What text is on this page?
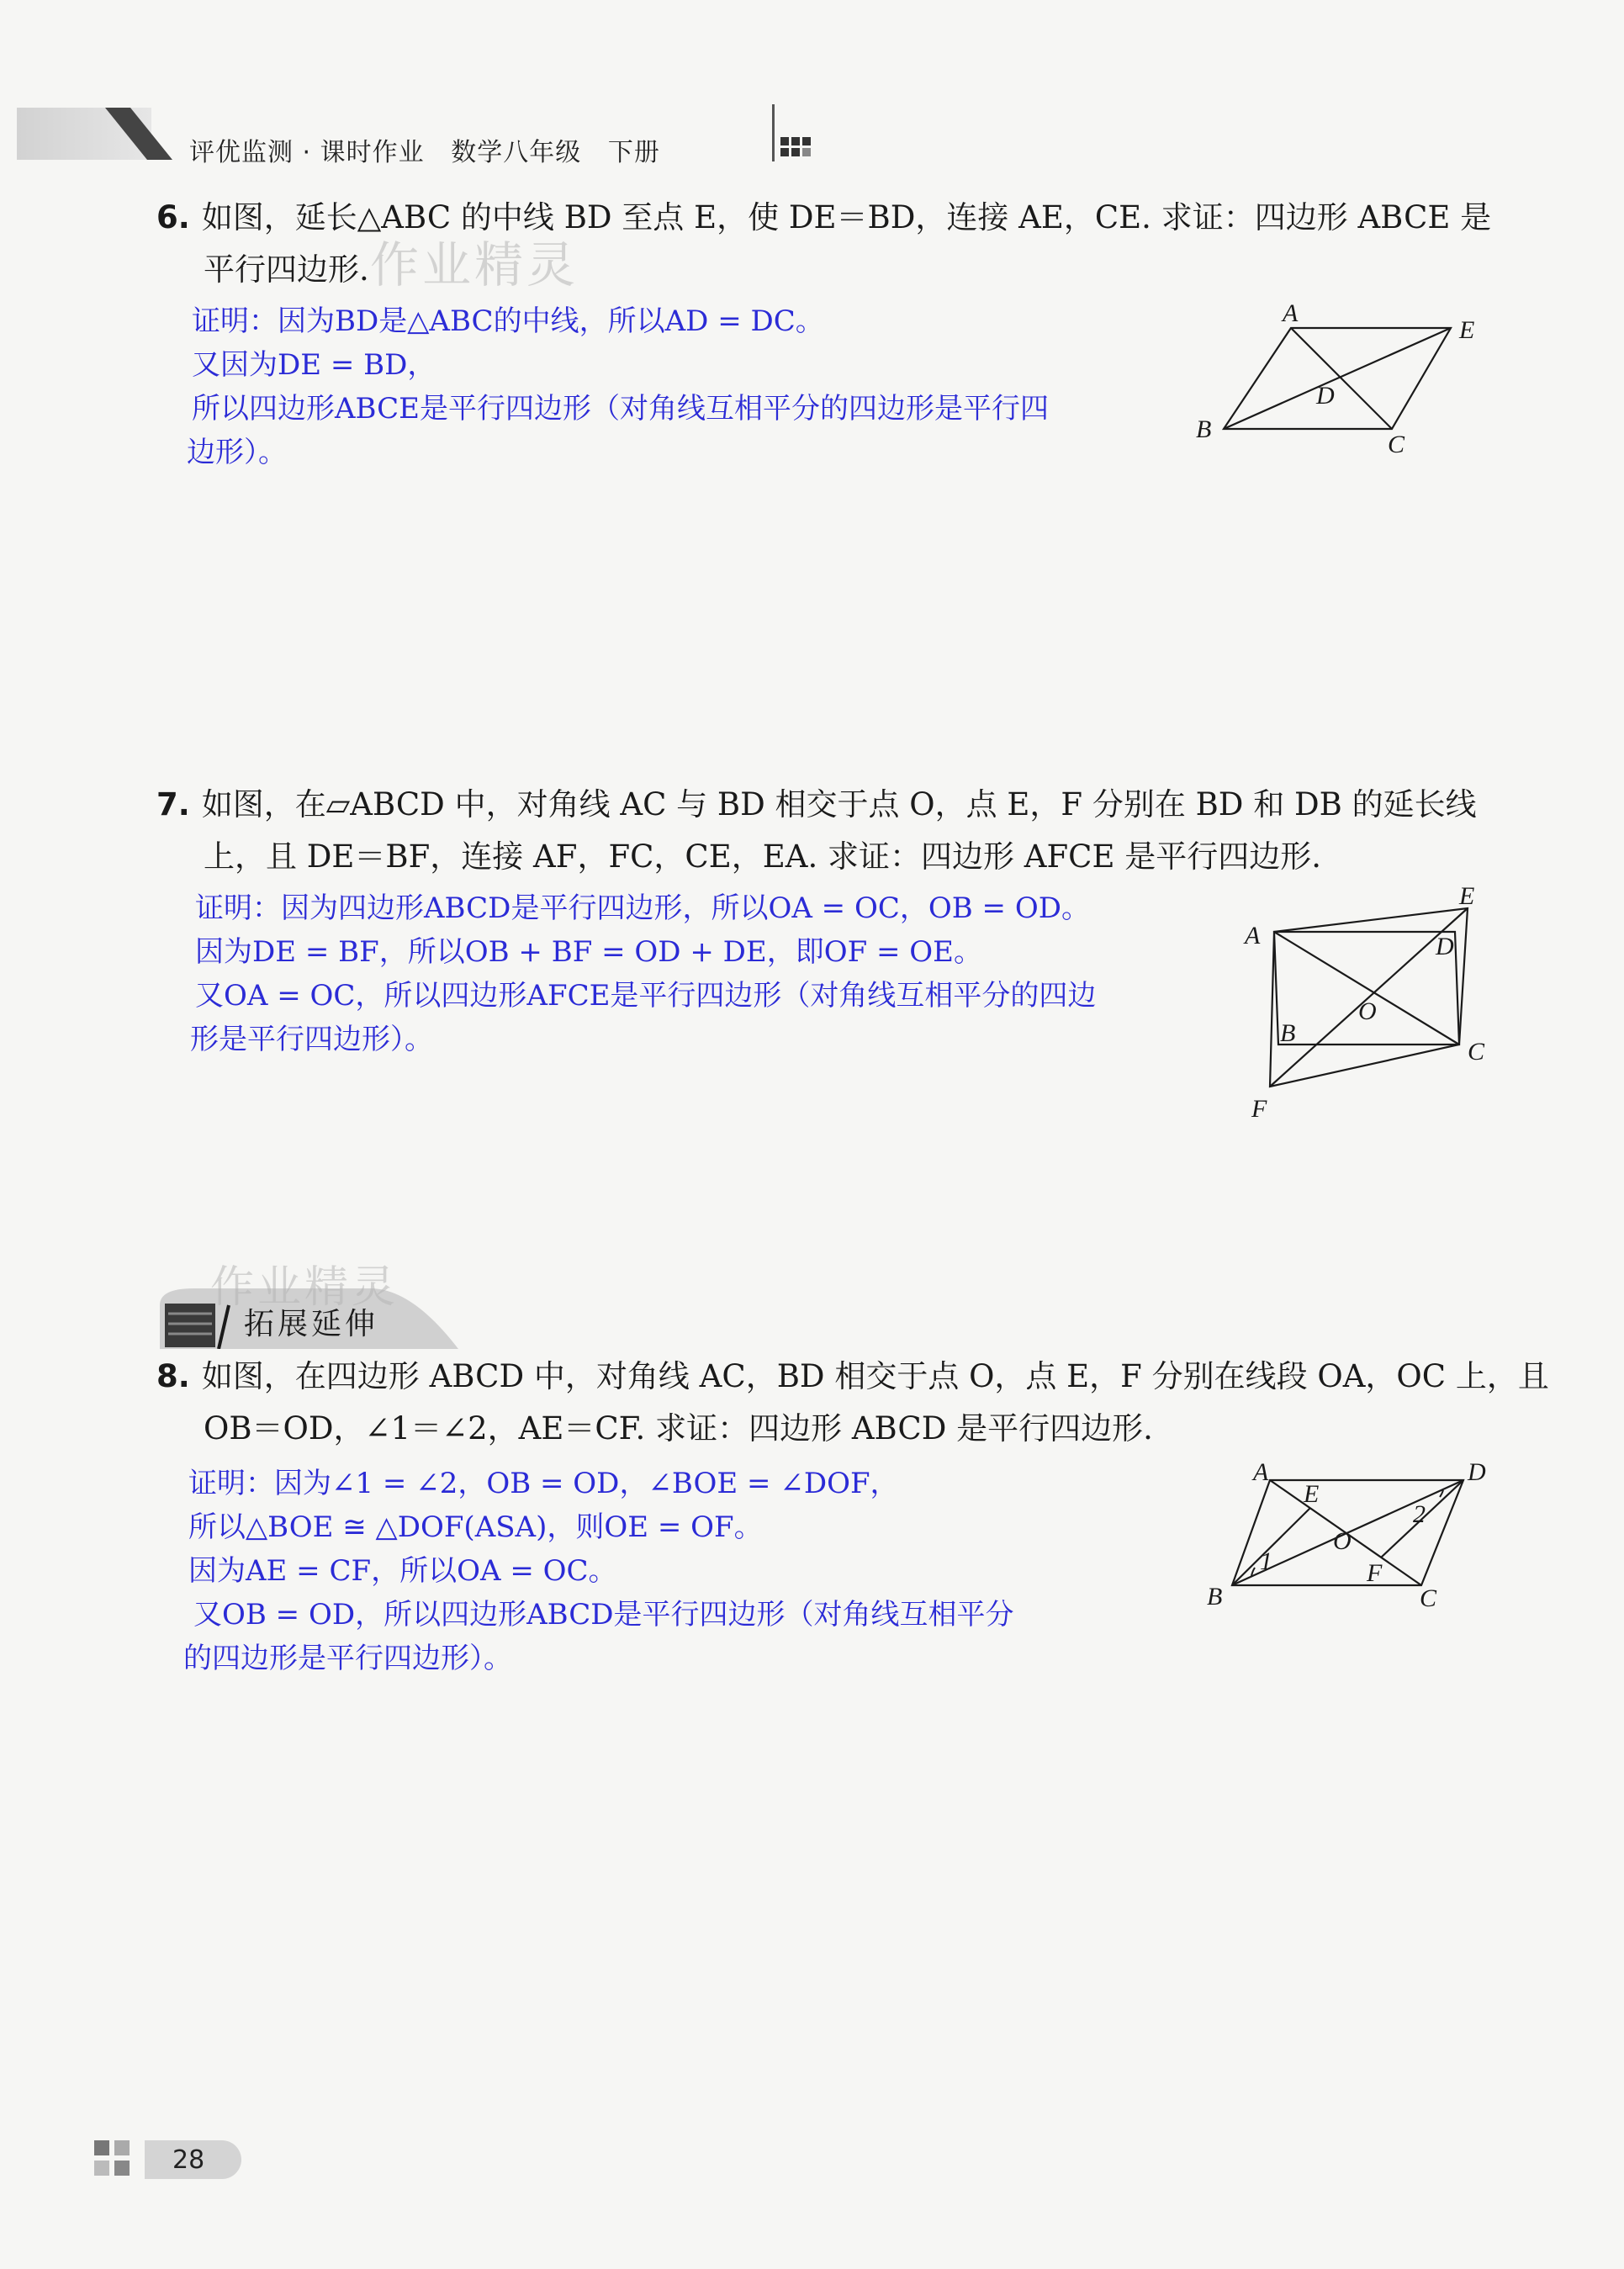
评优监测 · 课时作业   数学八年级   下册
6. 如图，延长△ABC 的中线 BD 至点 E，使 DE＝BD，连接 AE，CE. 求证：四边形 ABCE 是
平行四边形. 作业精灵
证明：因为BD是△ABC的中线，所以AD = DC。
又因为DE = BD，
所以四边形ABCE是平行四边形（对角线互相平分的四边形是平行四
边形）。
A
E
D
B
C
7. 如图，在▱ABCD 中，对角线 AC 与 BD 相交于点 O，点 E，F 分别在 BD 和 DB 的延长线
上，且 DE＝BF，连接 AF，FC，CE，EA. 求证：四边形 AFCE 是平行四边形.
证明：因为四边形ABCD是平行四边形，所以OA = OC，OB = OD。
因为DE = BF，所以OB + BF = OD + DE，即OF = OE。
又OA = OC，所以四边形AFCE是平行四边形（对角线互相平分的四边
形是平行四边形）。
E
A	D
O
B
C
F
作业精灵
拓展延伸
8. 如图，在四边形 ABCD 中，对角线 AC，BD 相交于点 O，点 E，F 分别在线段 OA，OC 上，且
OB＝OD，∠1＝∠2，AE＝CF. 求证：四边形 ABCD 是平行四边形.
证明：因为∠1 = ∠2，OB = OD，∠BOE = ∠DOF，
所以△BOE ≅ △DOF(ASA)，则OE = OF。
因为AE = CF，所以OA = OC。
又OB = OD，所以四边形ABCD是平行四边形（对角线互相平分
的四边形是平行四边形）。
A
E
D
2
O
1	F
B	C
28
